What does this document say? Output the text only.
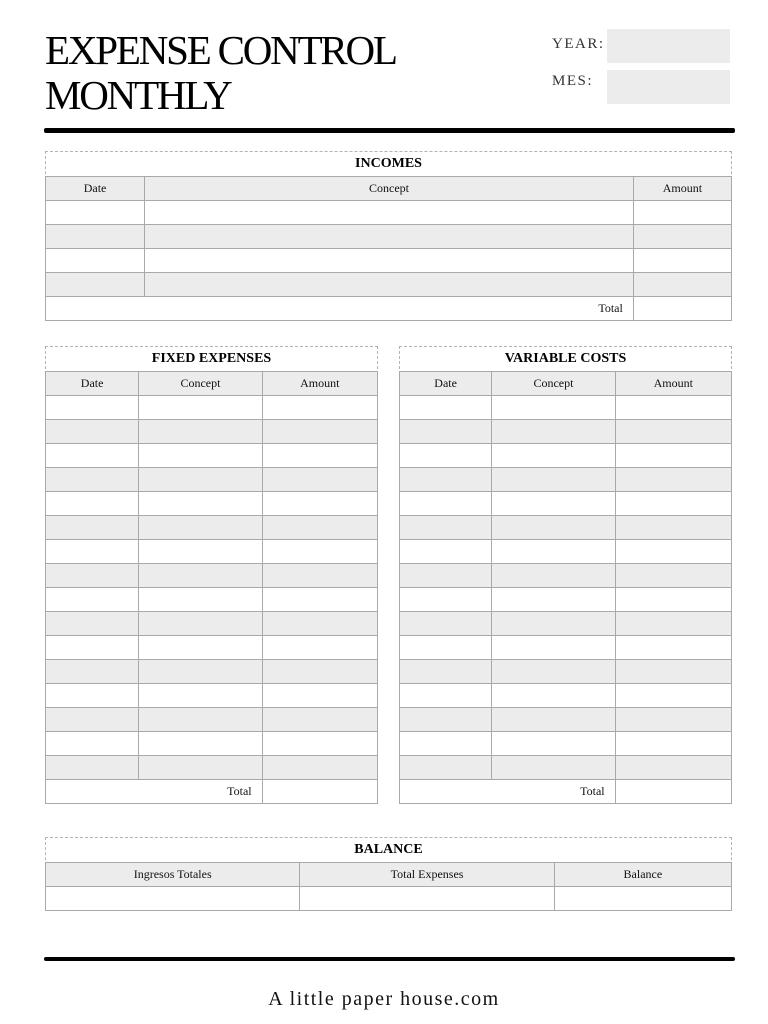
EXPENSE CONTROL
MONTHLY
YEAR:
MES:
INCOMES
Date	Concept	Amount

Total		
FIXED EXPENSES
Date	Concept	Amount

Total		
VARIABLE COSTS
Date	Concept	Amount

Total		
BALANCE
Ingresos Totales	Total Expenses	Balance

A little paper house.com
